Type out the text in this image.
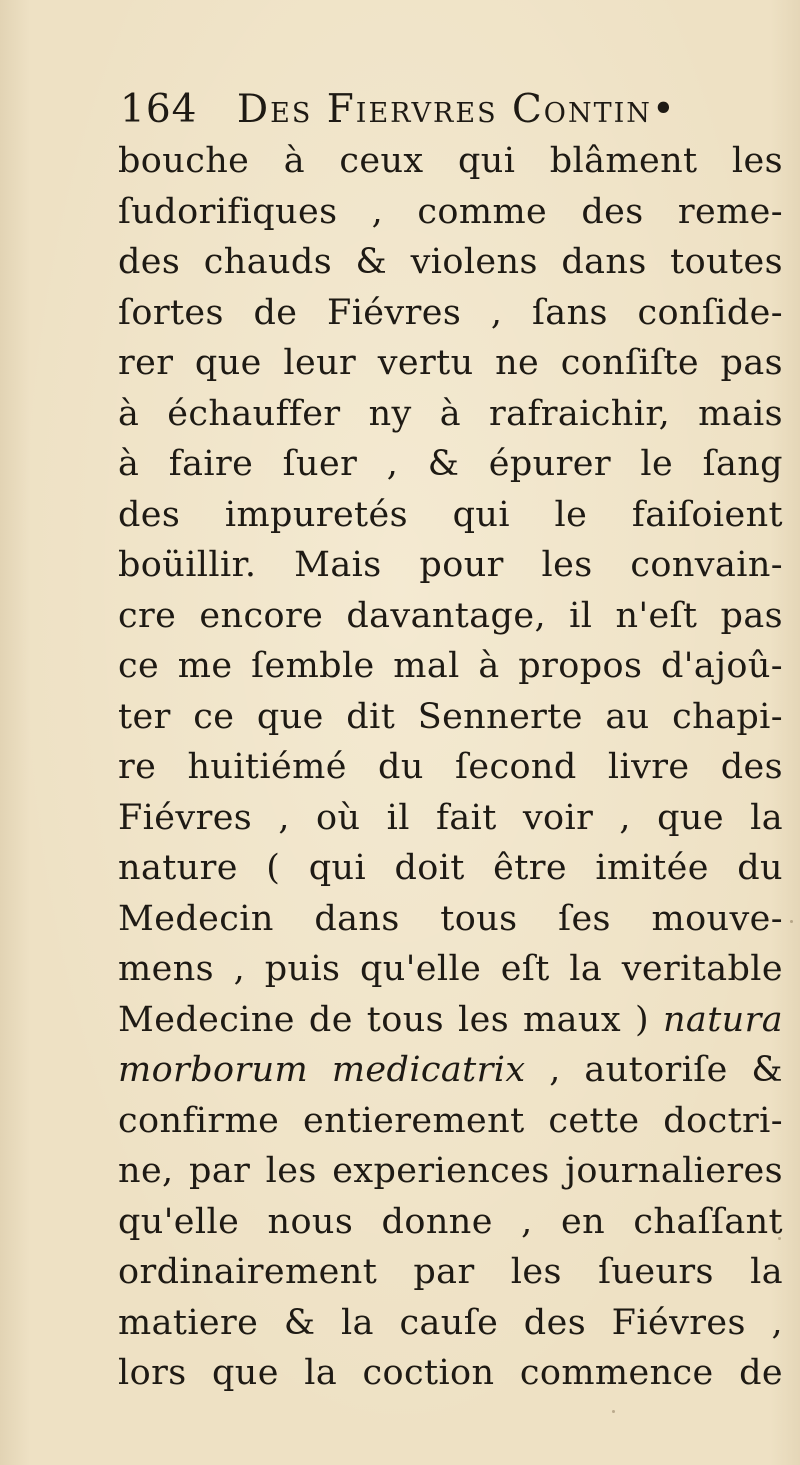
164 Des Fiervres Contin•
bouche à ceux qui blâment les
ſudorifiques , comme des reme-
des chauds & violens dans toutes
ſortes de Fiévres , ſans conſide-
rer que leur vertu ne conſiſte pas
à échauffer ny à rafraichir, mais
à faire ſuer , & épurer le ſang
des impuretés qui le faiſoient
boüillir. Mais pour les convain-
cre encore davantage, il n'eſt pas
ce me ſemble mal à propos d'ajoû-
ter ce que dit Sennerte au chapi-
re huitiémé du ſecond livre des
Fiévres , où il fait voir , que la
nature ( qui doit être imitée du
Medecin dans tous ſes mouve-
mens , puis qu'elle eſt la veritable
Medecine de tous les maux ) natura
morborum medicatrix , autoriſe &
confirme entierement cette doctri-
ne, par les experiences journalieres
qu'elle nous donne , en chaſſant
ordinairement par les ſueurs la
matiere & la cauſe des Fiévres ,
lors que la coction commence de
